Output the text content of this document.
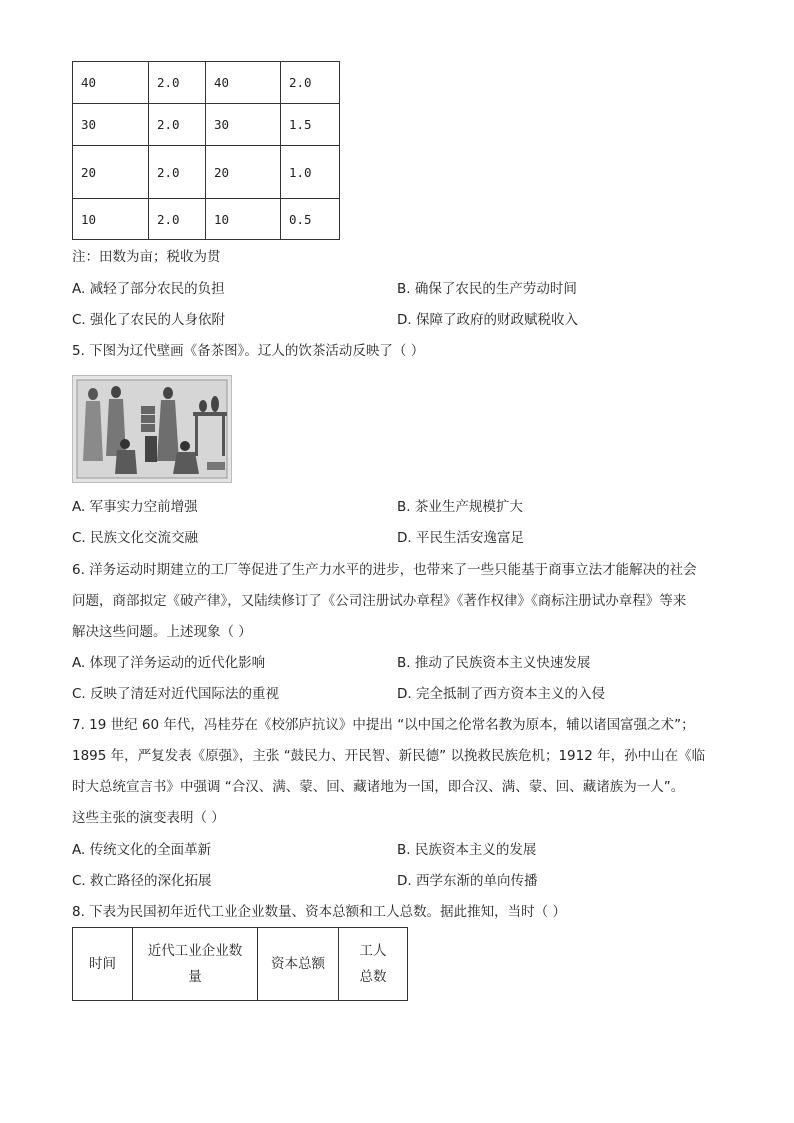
40	2.0	40	2.0
30	2.0	30	1.5
20	2.0	20	1.0
10	2.0	10	0.5
注：田数为亩；税收为贯
A. 减轻了部分农民的负担	B. 确保了农民的生产劳动时间
C. 强化了农民的人身依附	D. 保障了政府的财政赋税收入
5. 下图为辽代壁画《备茶图》。辽人的饮茶活动反映了（ ）
A. 军事实力空前增强	B. 茶业生产规模扩大
C. 民族文化交流交融	D. 平民生活安逸富足
6. 洋务运动时期建立的工厂等促进了生产力水平的进步，也带来了一些只能基于商事立法才能解决的社会
问题，商部拟定《破产律》，又陆续修订了《公司注册试办章程》《著作权律》《商标注册试办章程》等来
解决这些问题。上述现象（ ）
A. 体现了洋务运动的近代化影响	B. 推动了民族资本主义快速发展
C. 反映了清廷对近代国际法的重视	D. 完全抵制了西方资本主义的入侵
7. 19 世纪 60 年代，冯桂芬在《校邠庐抗议》中提出 “以中国之伦常名教为原本，辅以诸国富强之术”；
1895 年，严复发表《原强》，主张 “鼓民力、开民智、新民德” 以挽救民族危机；1912 年，孙中山在《临
时大总统宣言书》中强调 “合汉、满、蒙、回、藏诸地为一国，即合汉、满、蒙、回、藏诸族为一人”。
这些主张的演变表明（ ）
A. 传统文化的全面革新	B. 民族资本主义的发展
C. 救亡路径的深化拓展	D. 西学东渐的单向传播
8. 下表为民国初年近代工业企业数量、资本总额和工人总数。据此推知，当时（ ）
时间	近代工业企业数量	资本总额	工人总数
